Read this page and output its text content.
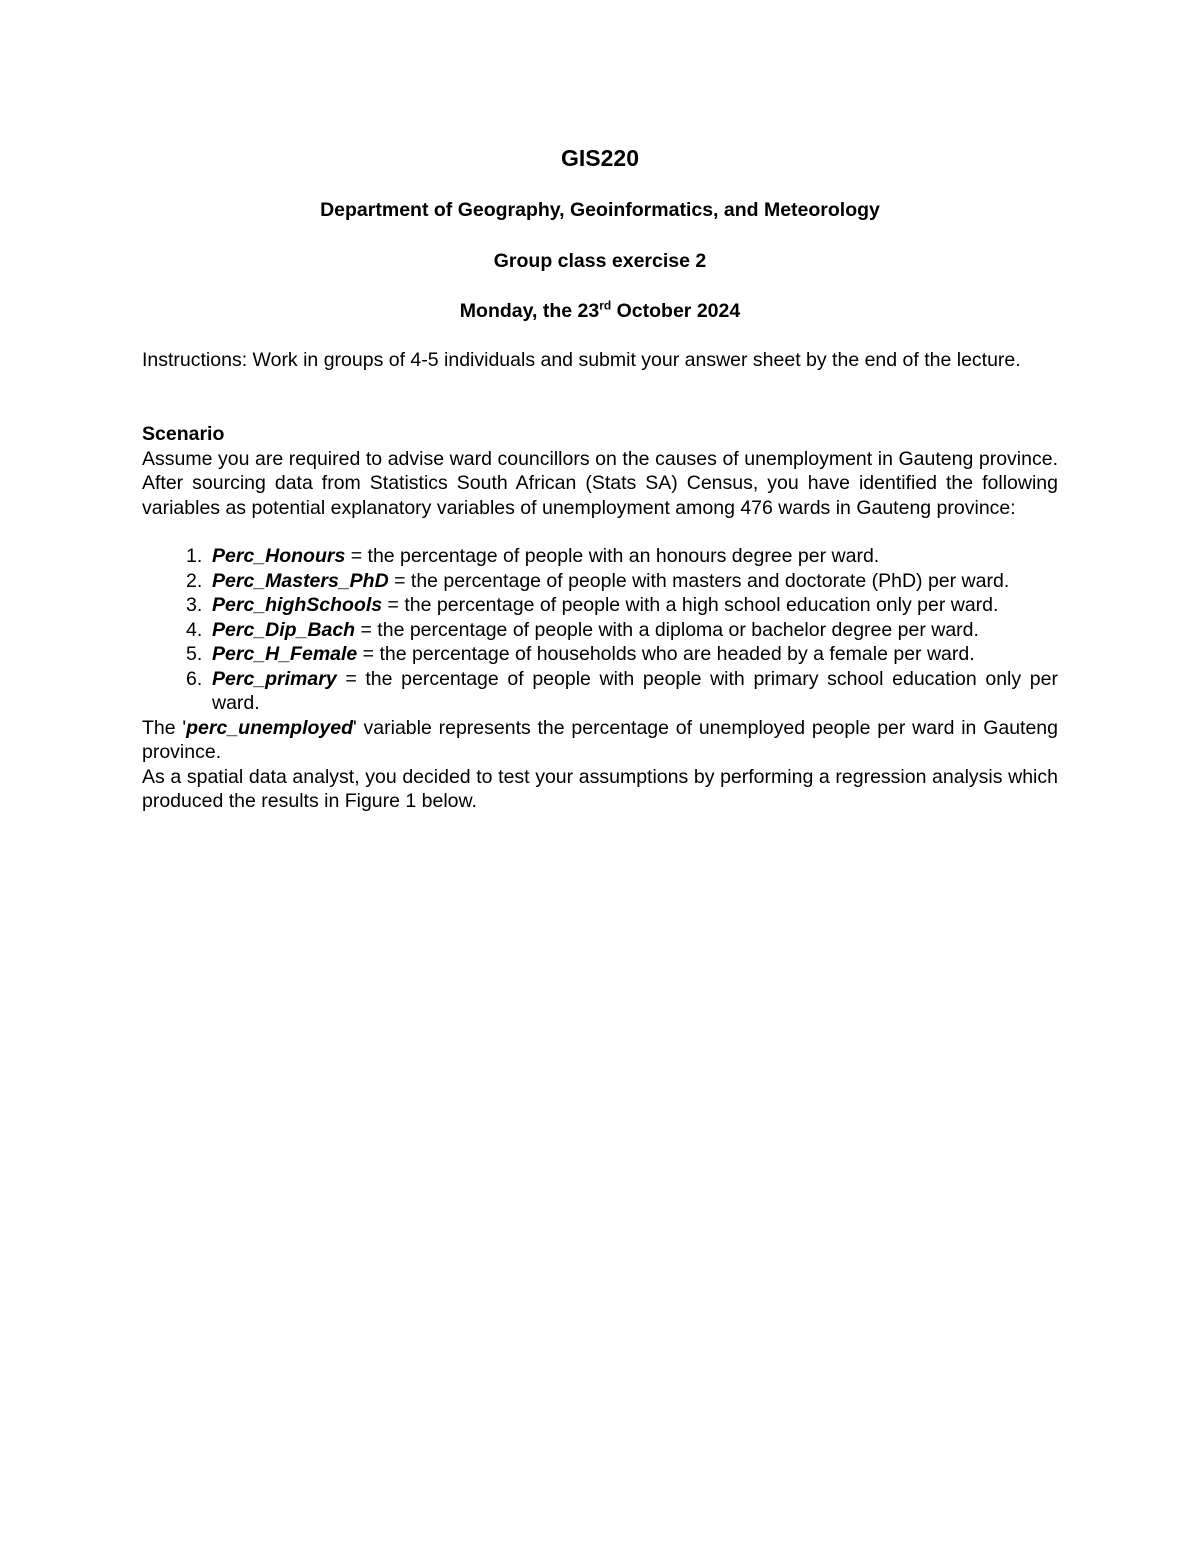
GIS220
Department of Geography, Geoinformatics, and Meteorology
Group class exercise 2
Monday, the 23rd October 2024

Instructions: Work in groups of 4-5 individuals and submit your answer sheet by the end of the lecture.

Scenario

Assume you are required to advise ward councillors on the causes of unemployment in Gauteng province. After sourcing data from Statistics South African (Stats SA) Census, you have identified the following variables as potential explanatory variables of unemployment among 476 wards in Gauteng province:

1. Perc_Honours = the percentage of people with an honours degree per ward.
2. Perc_Masters_PhD = the percentage of people with masters and doctorate (PhD) per ward.
3. Perc_highSchools = the percentage of people with a high school education only per ward.
4. Perc_Dip_Bach = the percentage of people with a diploma or bachelor degree per ward.
5. Perc_H_Female = the percentage of households who are headed by a female per ward.
6. Perc_primary = the percentage of people with people with primary school education only per ward.

The 'perc_unemployed' variable represents the percentage of unemployed people per ward in Gauteng province.

As a spatial data analyst, you decided to test your assumptions by performing a regression analysis which produced the results in Figure 1 below.
